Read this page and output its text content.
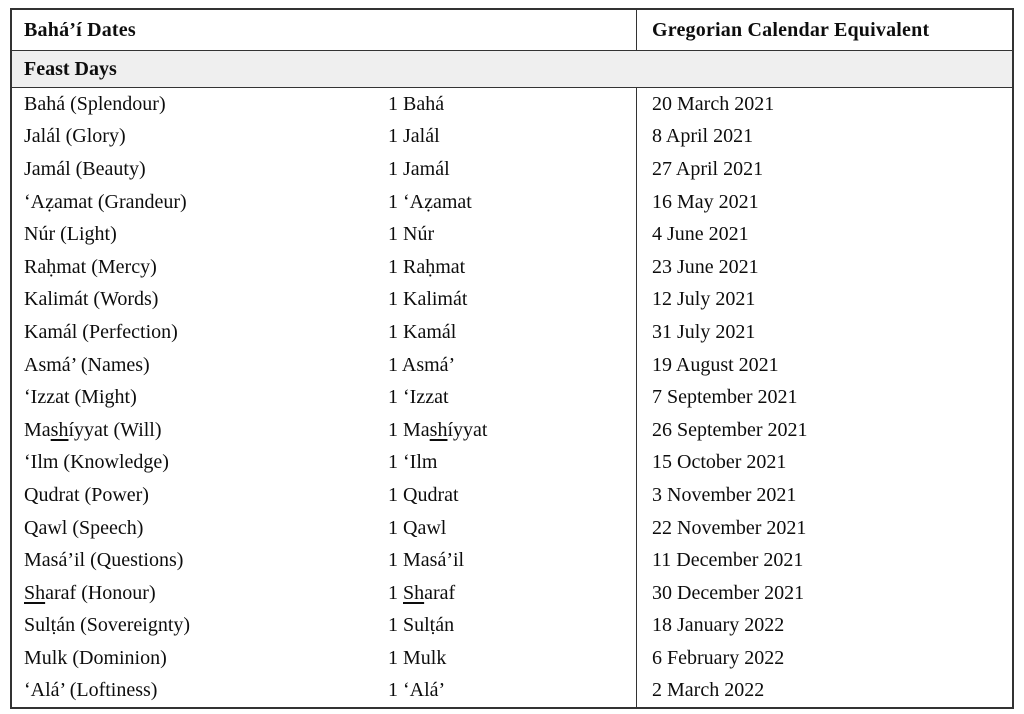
Bahá’í Dates	Gregorian Calendar Equivalent
Feast Days
Bahá (Splendour)	1 Bahá	20 March 2021
Jalál (Glory)	1 Jalál	8 April 2021
Jamál (Beauty)	1 Jamál	27 April 2021
‘Aẓamat (Grandeur)	1 ‘Aẓamat	16 May 2021
Núr (Light)	1 Núr	4 June 2021
Raḥmat (Mercy)	1 Raḥmat	23 June 2021
Kalimát (Words)	1 Kalimát	12 July 2021
Kamál (Perfection)	1 Kamál	31 July 2021
Asmá’ (Names)	1 Asmá’	19 August 2021
‘Izzat (Might)	1 ‘Izzat	7 September 2021
Ma sh íyyat (Will)	1 Ma sh íyyat	26 September 2021
‘Ilm (Knowledge)	1 ‘Ilm	15 October 2021
Qudrat (Power)	1 Qudrat	3 November 2021
Qawl (Speech)	1 Qawl	22 November 2021
Masá’il (Questions)	1 Masá’il	11 December 2021
Sh araf (Honour)	1 Sh araf	30 December 2021
Sulṭán (Sovereignty)	1 Sulṭán	18 January 2022
Mulk (Dominion)	1 Mulk	6 February 2022
‘Alá’ (Loftiness)	1 ‘Alá’	2 March 2022
